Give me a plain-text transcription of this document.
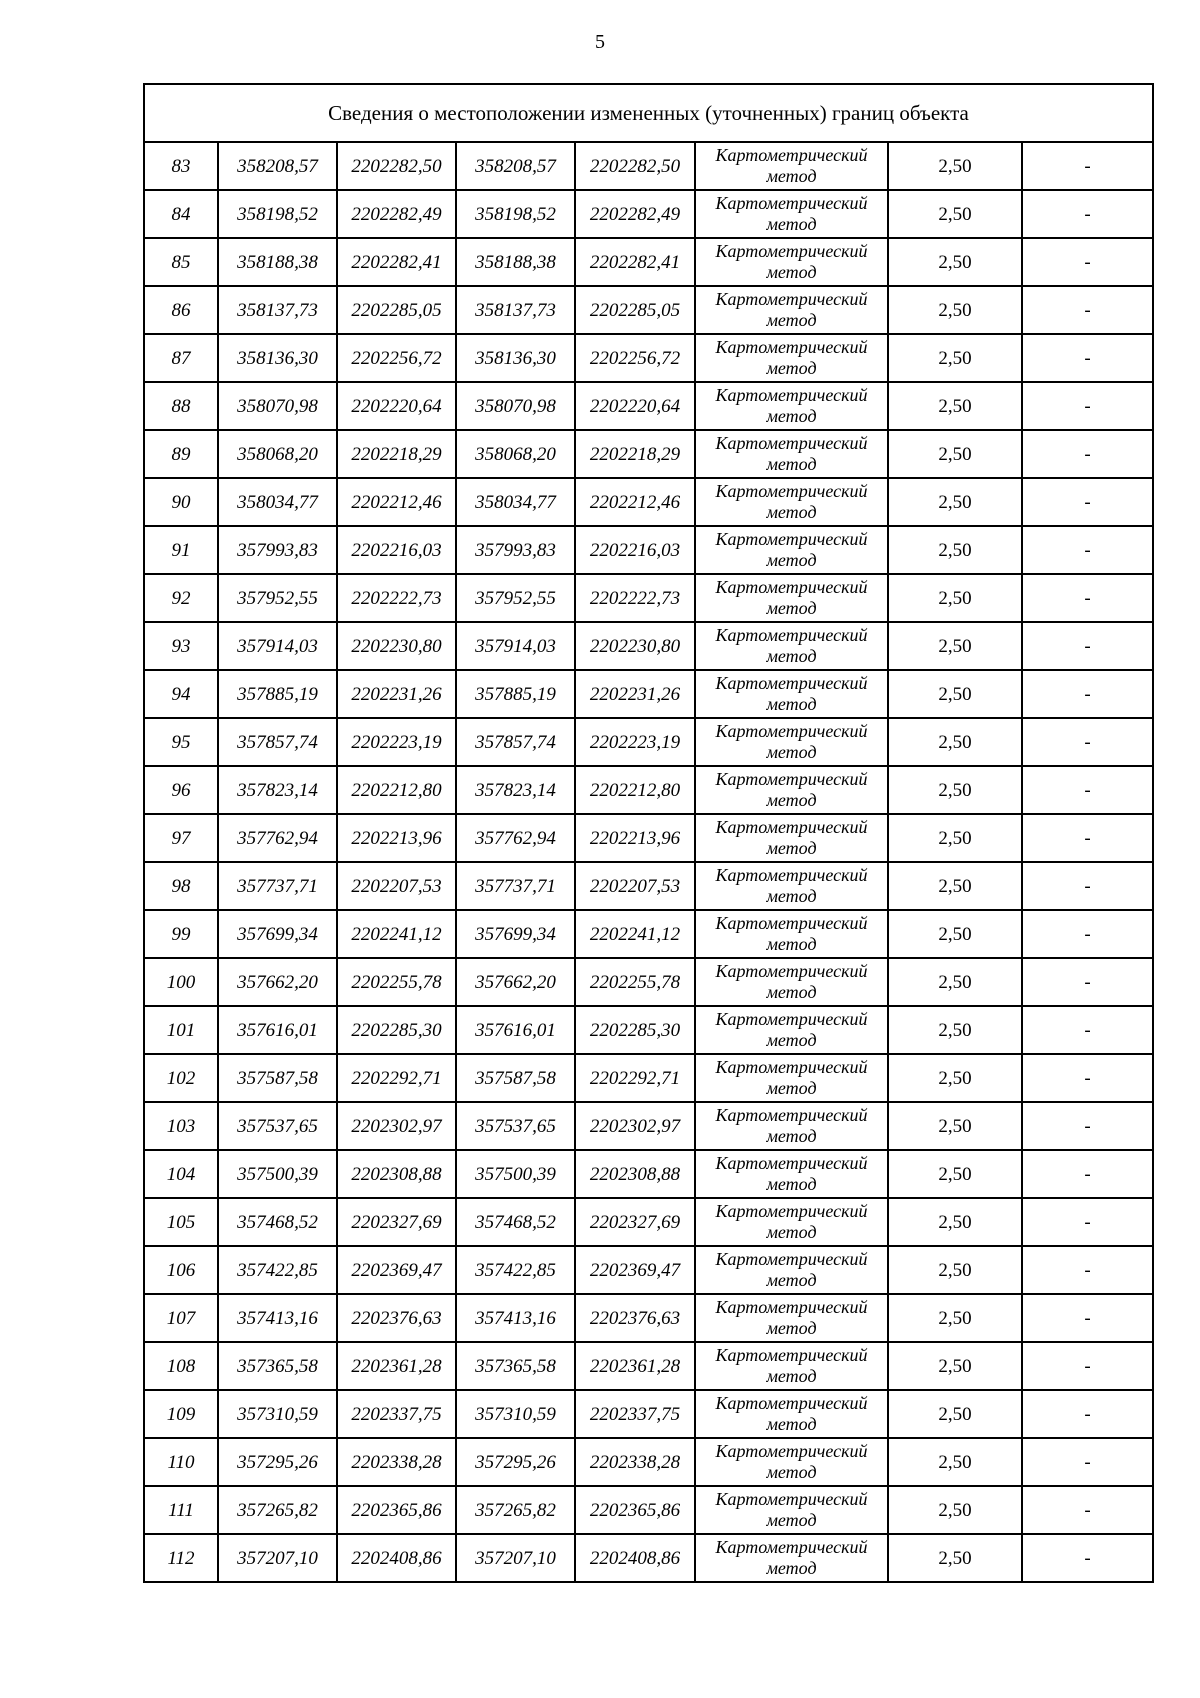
5
Сведения о местоположении измененных (уточненных) границ объекта							
83	358208,57	2202282,50	358208,57	2202282,50	Картометрический метод	2,50	-
84	358198,52	2202282,49	358198,52	2202282,49	Картометрический метод	2,50	-
85	358188,38	2202282,41	358188,38	2202282,41	Картометрический метод	2,50	-
86	358137,73	2202285,05	358137,73	2202285,05	Картометрический метод	2,50	-
87	358136,30	2202256,72	358136,30	2202256,72	Картометрический метод	2,50	-
88	358070,98	2202220,64	358070,98	2202220,64	Картометрический метод	2,50	-
89	358068,20	2202218,29	358068,20	2202218,29	Картометрический метод	2,50	-
90	358034,77	2202212,46	358034,77	2202212,46	Картометрический метод	2,50	-
91	357993,83	2202216,03	357993,83	2202216,03	Картометрический метод	2,50	-
92	357952,55	2202222,73	357952,55	2202222,73	Картометрический метод	2,50	-
93	357914,03	2202230,80	357914,03	2202230,80	Картометрический метод	2,50	-
94	357885,19	2202231,26	357885,19	2202231,26	Картометрический метод	2,50	-
95	357857,74	2202223,19	357857,74	2202223,19	Картометрический метод	2,50	-
96	357823,14	2202212,80	357823,14	2202212,80	Картометрический метод	2,50	-
97	357762,94	2202213,96	357762,94	2202213,96	Картометрический метод	2,50	-
98	357737,71	2202207,53	357737,71	2202207,53	Картометрический метод	2,50	-
99	357699,34	2202241,12	357699,34	2202241,12	Картометрический метод	2,50	-
100	357662,20	2202255,78	357662,20	2202255,78	Картометрический метод	2,50	-
101	357616,01	2202285,30	357616,01	2202285,30	Картометрический метод	2,50	-
102	357587,58	2202292,71	357587,58	2202292,71	Картометрический метод	2,50	-
103	357537,65	2202302,97	357537,65	2202302,97	Картометрический метод	2,50	-
104	357500,39	2202308,88	357500,39	2202308,88	Картометрический метод	2,50	-
105	357468,52	2202327,69	357468,52	2202327,69	Картометрический метод	2,50	-
106	357422,85	2202369,47	357422,85	2202369,47	Картометрический метод	2,50	-
107	357413,16	2202376,63	357413,16	2202376,63	Картометрический метод	2,50	-
108	357365,58	2202361,28	357365,58	2202361,28	Картометрический метод	2,50	-
109	357310,59	2202337,75	357310,59	2202337,75	Картометрический метод	2,50	-
110	357295,26	2202338,28	357295,26	2202338,28	Картометрический метод	2,50	-
111	357265,82	2202365,86	357265,82	2202365,86	Картометрический метод	2,50	-
112	357207,10	2202408,86	357207,10	2202408,86	Картометрический метод	2,50	-
